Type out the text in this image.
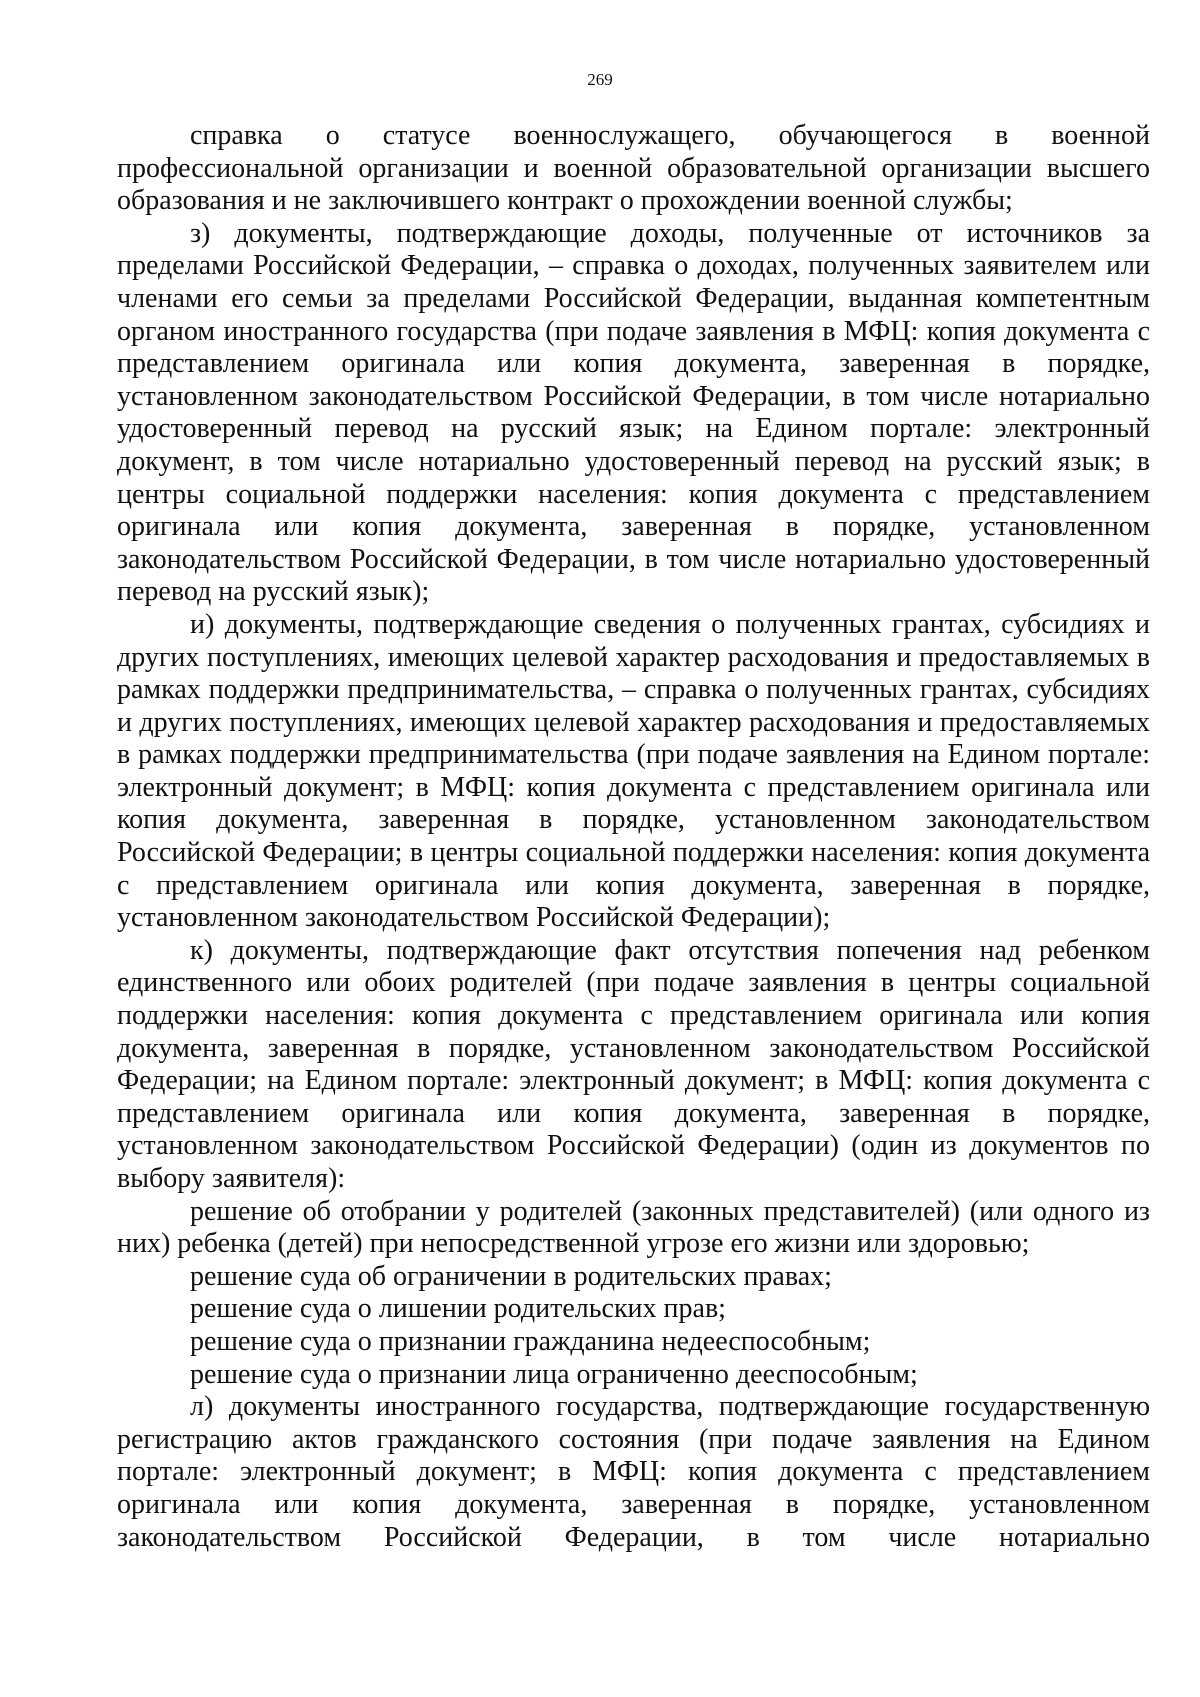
269

справка о статусе военнослужащего, обучающегося в военной профессиональной организации и военной образовательной организации высшего образования и не заключившего контракт о прохождении военной службы;

з) документы, подтверждающие доходы, полученные от источников за пределами Российской Федерации, – справка о доходах, полученных заявителем или членами его семьи за пределами Российской Федерации, выданная компетентным органом иностранного государства (при подаче заявления в МФЦ: копия документа с представлением оригинала или копия документа, заверенная в порядке, установленном законодательством Российской Федерации, в том числе нотариально удостоверенный перевод на русский язык; на Едином портале: электронный документ, в том числе нотариально удостоверенный перевод на русский язык; в центры социальной поддержки населения: копия документа с представлением оригинала или копия документа, заверенная в порядке, установленном законодательством Российской Федерации, в том числе нотариально удостоверенный перевод на русский язык);

и) документы, подтверждающие сведения о полученных грантах, субсидиях и других поступлениях, имеющих целевой характер расходования и предоставляемых в рамках поддержки предпринимательства, – справка о полученных грантах, субсидиях и других поступлениях, имеющих целевой характер расходования и предоставляемых в рамках поддержки предпринимательства (при подаче заявления на Едином портале: электронный документ; в МФЦ: копия документа с представлением оригинала или копия документа, заверенная в порядке, установленном законодательством Российской Федерации; в центры социальной поддержки населения: копия документа с представлением оригинала или копия документа, заверенная в порядке, установленном законодательством Российской Федерации);

к) документы, подтверждающие факт отсутствия попечения над ребенком единственного или обоих родителей (при подаче заявления в центры социальной поддержки населения: копия документа с представлением оригинала или копия документа, заверенная в порядке, установленном законодательством Российской Федерации; на Едином портале: электронный документ; в МФЦ: копия документа с представлением оригинала или копия документа, заверенная в порядке, установленном законодательством Российской Федерации) (один из документов по выбору заявителя):

решение об отобрании у родителей (законных представителей) (или одного из них) ребенка (детей) при непосредственной угрозе его жизни или здоровью;

решение суда об ограничении в родительских правах;

решение суда о лишении родительских прав;

решение суда о признании гражданина недееспособным;

решение суда о признании лица ограниченно дееспособным;

л) документы иностранного государства, подтверждающие государственную регистрацию актов гражданского состояния (при подаче заявления на Едином портале: электронный документ; в МФЦ: копия документа с представлением оригинала или копия документа, заверенная в порядке, установленном законодательством Российской Федерации, в том числе нотариально
